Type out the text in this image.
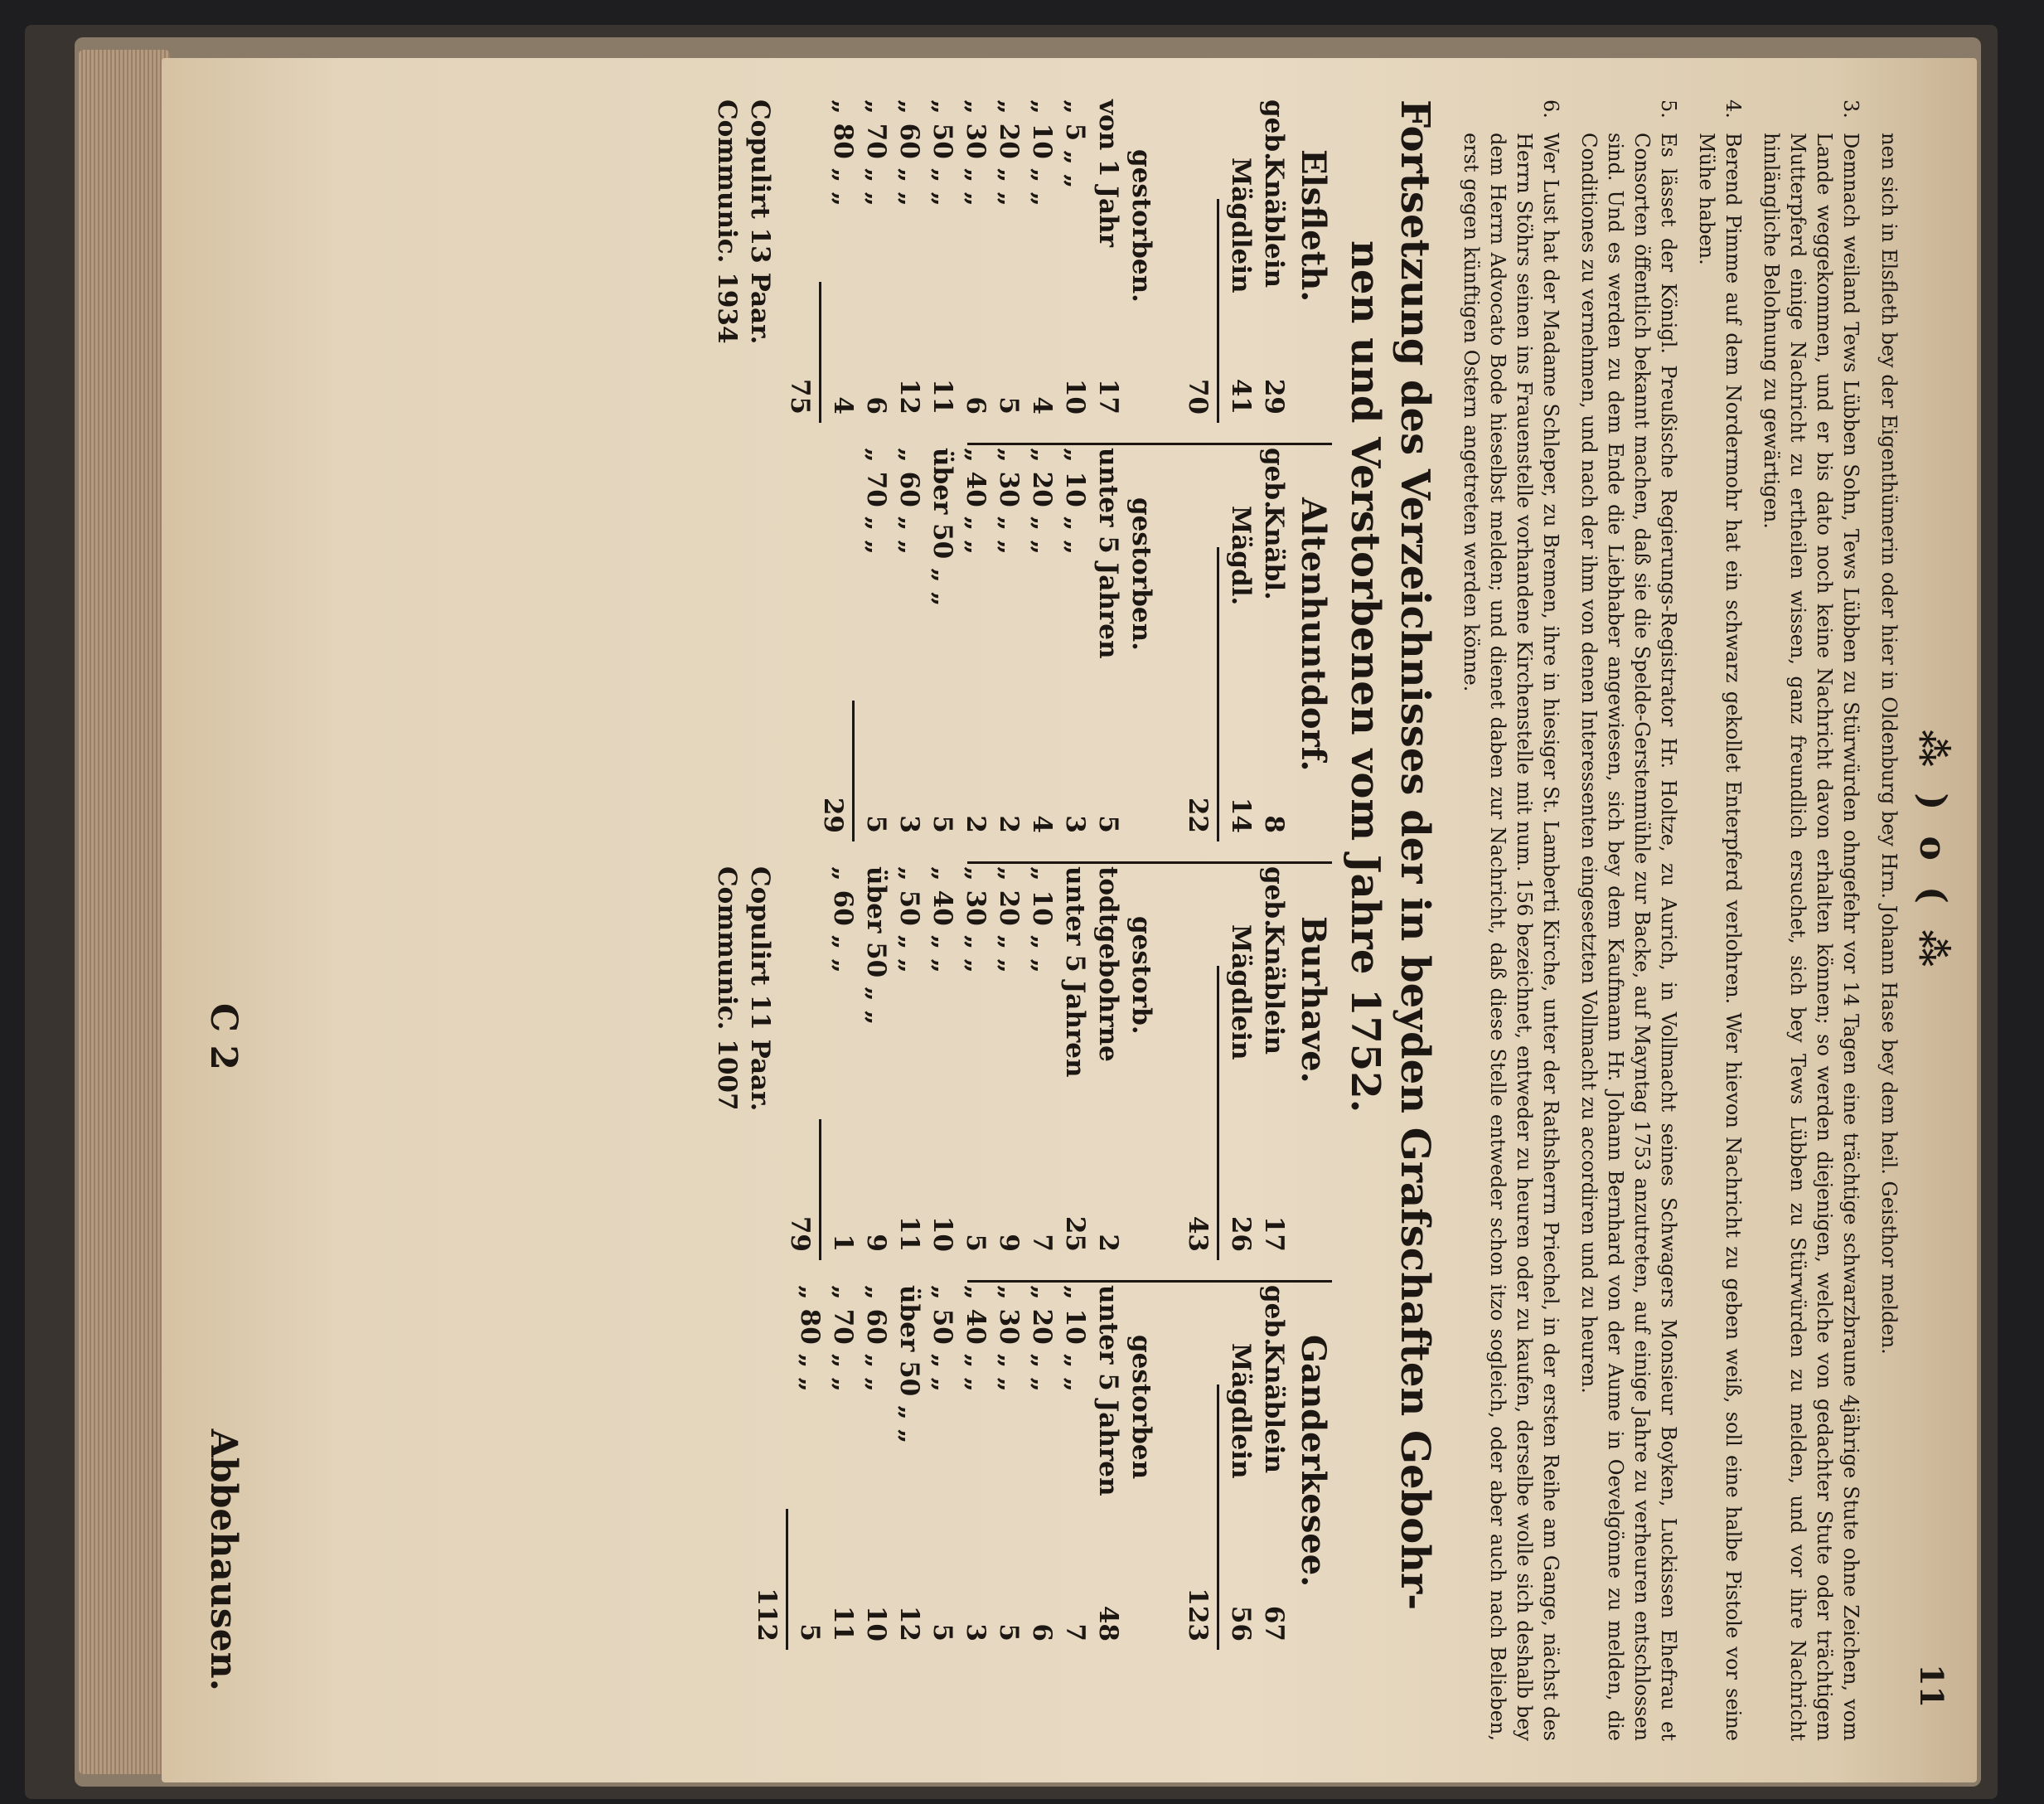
⁂ ) o ( ⁂
11

nen sich in Elsfleth bey der Eigenthümerin oder hier in Oldenburg bey Hrn. Johann Hase bey dem heil. Geisthor melden.

3.

Demnach weiland Tews Lübben Sohn, Tews Lübben zu Stürwürden ohngefehr vor 14 Tagen eine trächtige schwarzbraune 4jährige Stute ohne Zeichen, vom Lande weggekommen, und er bis dato noch keine Nachricht davon erhalten können; so werden diejenigen, welche von gedachter Stute oder trächtigem Mutterpferd einige Nachricht zu ertheilen wissen, ganz freundlich ersuchet, sich bey Tews Lübben zu Stürwürden zu melden, und vor ihre Nachricht hinlängliche Belohnung zu gewärtigen.

4.

Berend Pimme auf dem Nordermohr hat ein schwarz gekollet Enterpferd verlohren. Wer hievon Nachricht zu geben weiß, soll eine halbe Pistole vor seine Mühe haben.

5.

Es lässet der Königl. Preußische Regierungs-Registrator Hr. Holtze, zu Aurich, in Vollmacht seines Schwagers Monsieur Boyken, Luckissen Ehefrau et Consorten öffentlich bekannt machen, daß sie die Spelde-Gerstenmühle zur Backe, auf Mayntag 1753 anzutreten, auf einige Jahre zu verheuren entschlossen sind. Und es werden zu dem Ende die Liebhaber angewiesen, sich bey dem Kaufmann Hr. Johann Bernhard von der Aume in Oevelgönne zu melden, die Conditiones zu vernehmen, und nach der ihm von denen Interessenten eingesetzten Vollmacht zu accordiren und zu heuren.

6.

Wer Lust hat der Madame Schleper, zu Bremen, ihre in hiesiger St. Lamberti Kirche, unter der Rathsherrn Priechel, in der ersten Reihe am Gange, nächst des Herrn Stöhrs seinen ins Frauenstelle vorhandene Kirchenstelle mit num. 156 bezeichnet, entweder zu heuren oder zu kaufen, derselbe wolle sich deshalb bey dem Herrn Advocato Bode hieselbst melden; und dienet daben zur Nachricht, daß diese Stelle entweder schon itzo sogleich, oder aber auch nach Belieben, erst gegen künftigen Ostern angetreten werden könne.

Fortsetzung des Verzeichnisses der in beyden Grafschaften Gebohr-
nen und Verstorbenen vom Jahre 1752.
Elsfleth.
geb.
Knäblein
29
Mägdlein
41
70
gestorben.
von 1 Jahr
17
„ 5 „ „
10
„ 10 „ „
4
„ 20 „ „
5
„ 30 „ „
6
„ 50 „ „
11
„ 60 „ „
12
„ 70 „ „
6
„ 80 „ „
4
75
Copulirt 13 Paar.
Communic. 1934
Altenhuntdorf.
geb.
Knäbl.
8
Mägdl.
14
22
gestorben.
unter 5 Jahren
5
„ 10 „ „
3
„ 20 „ „
4
„ 30 „ „
2
„ 40 „ „
2
über 50 „ „
5
„ 60 „ „
3
„ 70 „ „
5
29
Burhave.
geb.
Knäblein
17
Mägdlein
26
43
gestorb.
todtgebohrne
2
unter 5 Jahren
25
„ 10 „ „
7
„ 20 „ „
9
„ 30 „ „
5
„ 40 „ „
10
„ 50 „ „
11
über 50 „ „
9
„ 60 „ „
1
79
Copulirt 11 Paar.
Communic. 1007
Ganderkesee.
geb.
Knäblein
67
Mägdlein
56
123
gestorben
unter 5 Jahren
48
„ 10 „ „
7
„ 20 „ „
6
„ 30 „ „
5
„ 40 „ „
3
„ 50 „ „
5
über 50 „ „
12
„ 60 „ „
10
„ 70 „ „
11
„ 80 „ „
5
112
C 2
Abbehausen.
